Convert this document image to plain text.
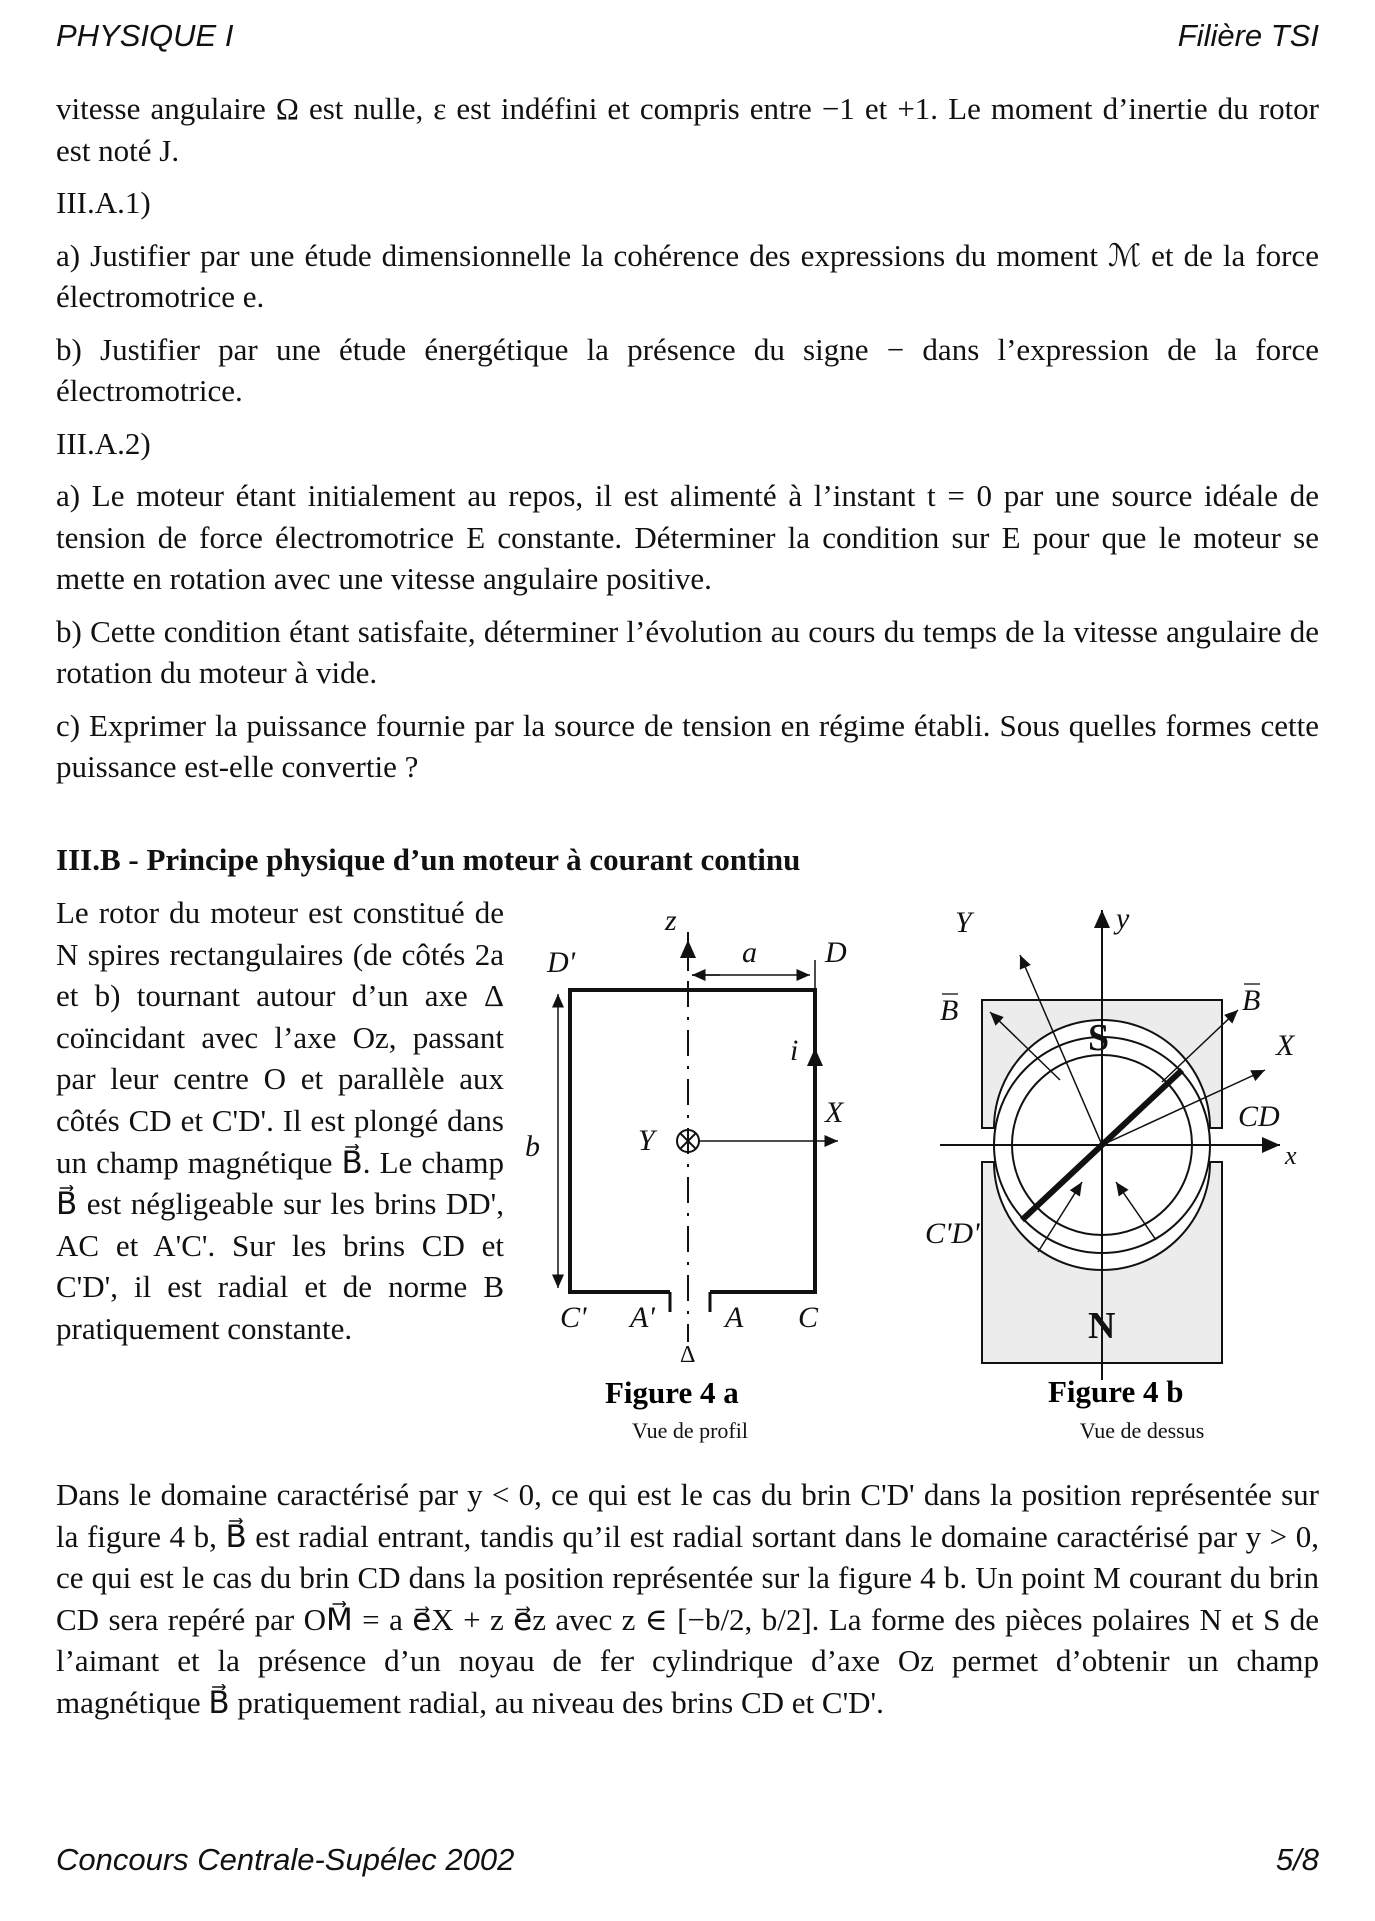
PHYSIQUE I	Filière TSI

vitesse angulaire Ω est nulle, ε est indéfini et compris entre −1 et +1. Le moment d’inertie du rotor est noté J.

III.A.1)

a) Justifier par une étude dimensionnelle la cohérence des expressions du moment ℳ et de la force électromotrice e.

b) Justifier par une étude énergétique la présence du signe − dans l’expression de la force électromotrice.

III.A.2)

a) Le moteur étant initialement au repos, il est alimenté à l’instant t = 0 par une source idéale de tension de force électromotrice E constante. Déterminer la condition sur E pour que le moteur se mette en rotation avec une vitesse angulaire positive.

b) Cette condition étant satisfaite, déterminer l’évolution au cours du temps de la vitesse angulaire de rotation du moteur à vide.

c) Exprimer la puissance fournie par la source de tension en régime établi. Sous quelles formes cette puissance est-elle convertie ?

III.B - Principe physique d’un moteur à courant continu
Le rotor du moteur est constitué de N spires rectangulaires (de côtés 2a et b) tournant autour d’un axe Δ coïncidant avec l’axe Oz, passant par leur centre O et parallèle aux côtés CD et C'D'. Il est plongé dans un champ magnétique B⃗. Le champ B⃗ est négligeable sur les brins DD', AC et A'C'. Sur les brins CD et C'D', il est radial et de norme B pratiquement constante.
z
a D
D'
i
X
Y
b
C' A' A C
Δ
Figure 4 a
Vue de profil
Y	y
B	B
X
CD
x
C'D'
S
N
Figure 4 b
Vue de dessus
Dans le domaine caractérisé par y < 0, ce qui est le cas du brin C'D' dans la position représentée sur la figure 4 b, B⃗ est radial entrant, tandis qu’il est radial sortant dans le domaine caractérisé par y > 0, ce qui est le cas du brin CD dans la position représentée sur la figure 4 b. Un point M courant du brin CD sera repéré par OM⃗ = a e⃗X + z e⃗z avec z ∈ [−b/2, b/2]. La forme des pièces polaires N et S de l’aimant et la présence d’un noyau de fer cylindrique d’axe Oz permet d’obtenir un champ magnétique B⃗ pratiquement radial, au niveau des brins CD et C'D'.
Concours Centrale-Supélec 2002	5/8
